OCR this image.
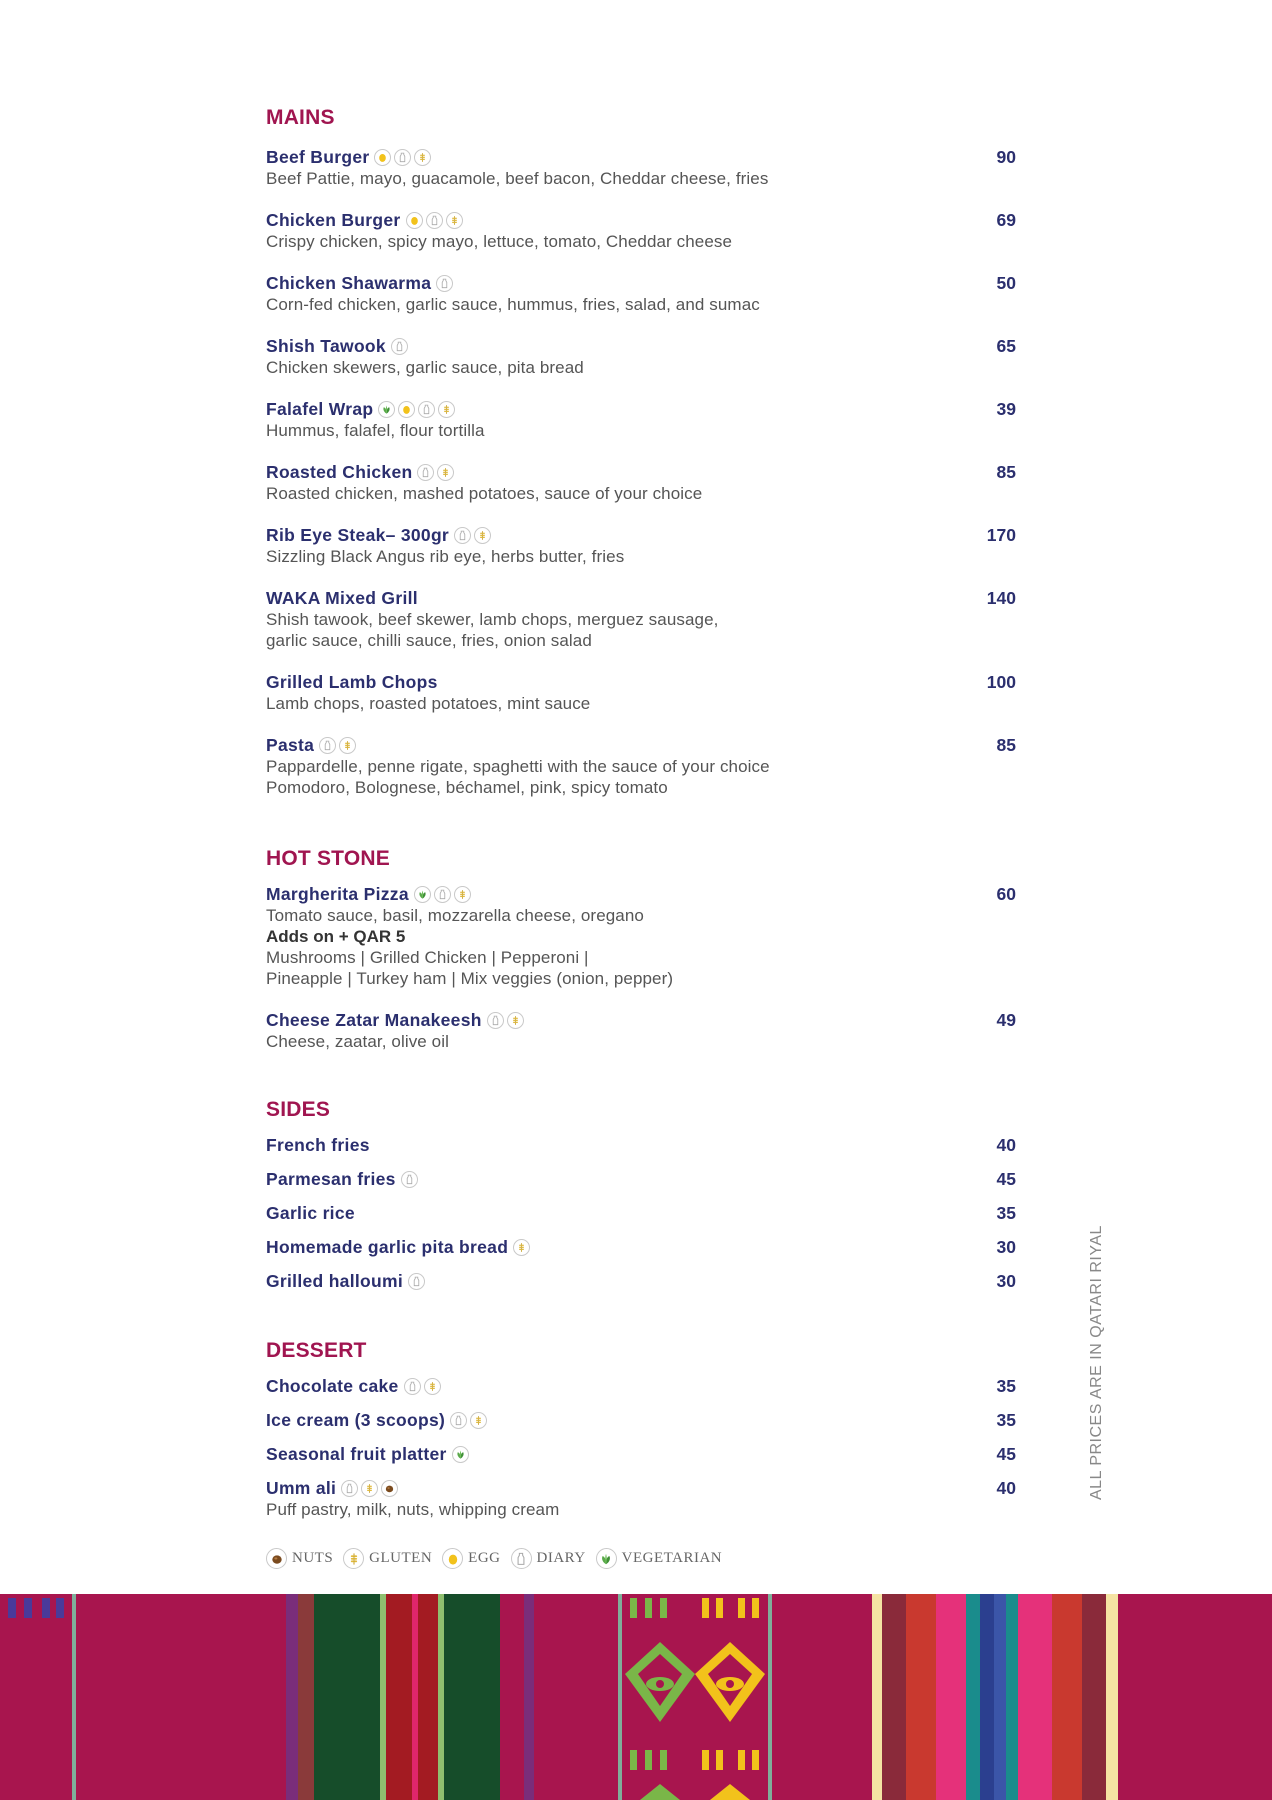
MAINS
Beef Burger	90
Beef Pattie, mayo, guacamole, beef bacon, Cheddar cheese, fries
Chicken Burger	69
Crispy chicken, spicy mayo, lettuce, tomato, Cheddar cheese
Chicken Shawarma	50
Corn-fed chicken, garlic sauce, hummus, fries, salad, and sumac
Shish Tawook	65
Chicken skewers, garlic sauce, pita bread
Falafel Wrap	39
Hummus, falafel, flour tortilla
Roasted Chicken	85
Roasted chicken, mashed potatoes, sauce of your choice
Rib Eye Steak– 300gr	170
Sizzling Black Angus rib eye, herbs butter, fries
WAKA Mixed Grill	140
Shish tawook, beef skewer, lamb chops, merguez sausage,
garlic sauce, chilli sauce, fries, onion salad
Grilled Lamb Chops	100
Lamb chops, roasted potatoes, mint sauce
Pasta	85
Pappardelle, penne rigate, spaghetti with the sauce of your choice
Pomodoro, Bolognese, béchamel, pink, spicy tomato
HOT STONE
Margherita Pizza	60
Tomato sauce, basil, mozzarella cheese, oregano
Adds on + QAR 5
Mushrooms | Grilled Chicken | Pepperoni |
Pineapple | Turkey ham | Mix veggies (onion, pepper)
Cheese Zatar Manakeesh	49
Cheese, zaatar, olive oil
SIDES
French fries	40
Parmesan fries	45
Garlic rice	35
Homemade garlic pita bread	30
Grilled halloumi	30
DESSERT
Chocolate cake	35
Ice cream (3 scoops)	35
Seasonal fruit platter	45
Umm ali	40
Puff pastry, milk, nuts, whipping cream
NUTS GLUTEN EGG DIARY VEGETARIAN
ALL PRICES ARE IN QATARI RIYAL
